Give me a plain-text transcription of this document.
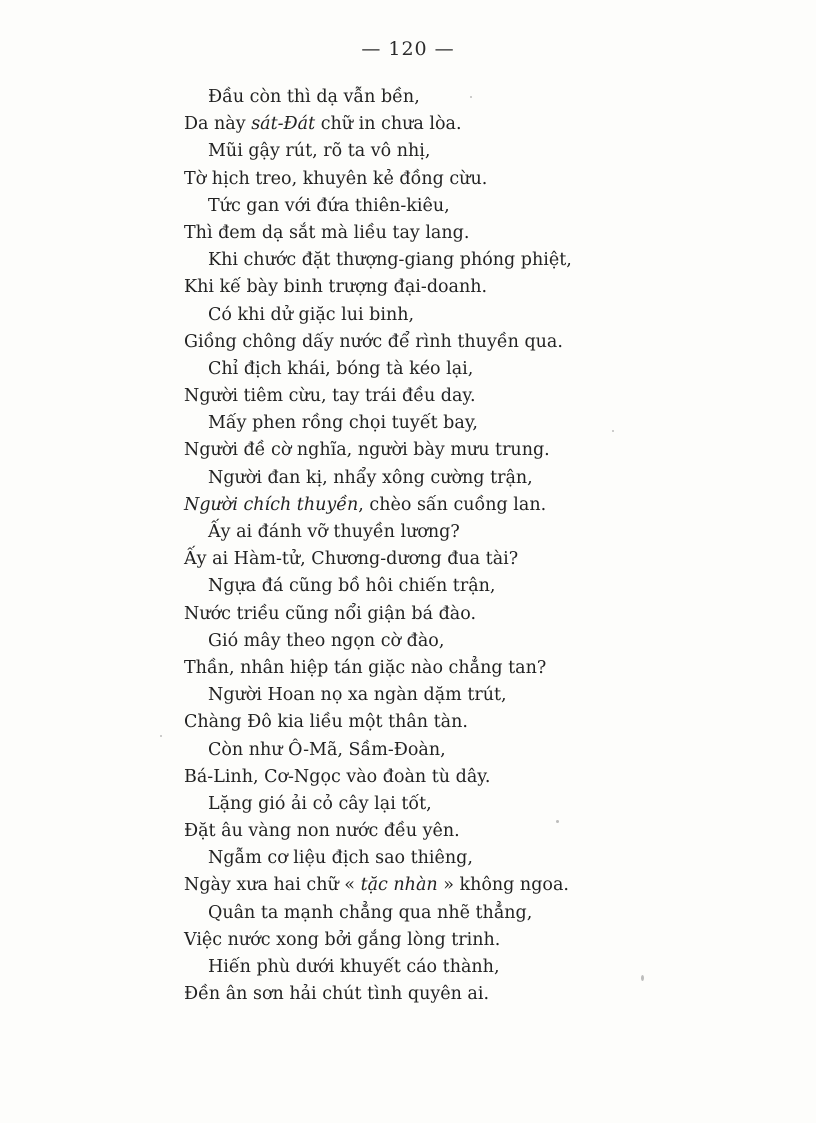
— 120 —
Đầu còn thì dạ vẫn bền,
Da này sát-Đát chữ in chưa lòa.
Mũi gậy rút, rõ ta vô nhị,
Tờ hịch treo, khuyên kẻ đồng cừu.
Tức gan với đứa thiên-kiêu,
Thì đem dạ sắt mà liều tay lang.
Khi chước đặt thượng-giang phóng phiệt,
Khi kế bày binh trượng đại-doanh.
Có khi dử giặc lui binh,
Giồng chông dấy nước để rình thuyền qua.
Chỉ địch khái, bóng tà kéo lại,
Người tiêm cừu, tay trái đều day.
Mấy phen rồng chọi tuyết bay,
Người đề cờ nghĩa, người bày mưu trung.
Người đan kị, nhẩy xông cường trận,
Người chích thuyền, chèo sấn cuồng lan.
Ấy ai đánh vỡ thuyền lương?
Ấy ai Hàm-tử, Chương-dương đua tài?
Ngựa đá cũng bồ hôi chiến trận,
Nước triều cũng nổi giận bá đào.
Gió mây theo ngọn cờ đào,
Thần, nhân hiệp tán giặc nào chẳng tan?
Người Hoan nọ xa ngàn dặm trút,
Chàng Đô kia liều một thân tàn.
Còn như Ô-Mã, Sầm-Đoàn,
Bá-Linh, Cơ-Ngọc vào đoàn tù dây.
Lặng gió ải cỏ cây lại tốt,
Đặt âu vàng non nước đều yên.
Ngẫm cơ liệu địch sao thiêng,
Ngày xưa hai chữ « tặc nhàn » không ngoa.
Quân ta mạnh chẳng qua nhẽ thẳng,
Việc nước xong bởi gắng lòng trinh.
Hiến phù dưới khuyết cáo thành,
Đền ân sơn hải chút tình quyên ai.
